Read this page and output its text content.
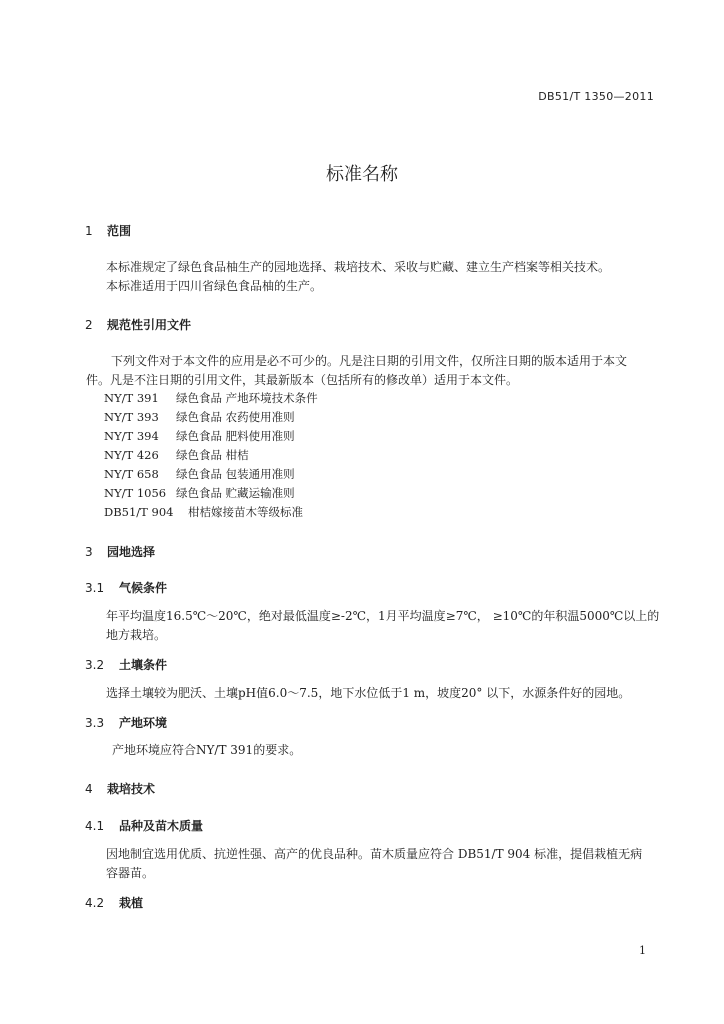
DB51/T 1350—2011
标准名称
1 范围
本标准规定了绿色食品柚生产的园地选择、栽培技术、采收与贮藏、建立生产档案等相关技术。
本标准适用于四川省绿色食品柚的生产。
2 规范性引用文件
下列文件对于本文件的应用是必不可少的。凡是注日期的引用文件，仅所注日期的版本适用于本文
件。凡是不注日期的引用文件，其最新版本（包括所有的修改单）适用于本文件。
NY/T 391 绿色食品 产地环境技术条件
NY/T 393 绿色食品 农药使用准则
NY/T 394 绿色食品 肥料使用准则
NY/T 426 绿色食品 柑桔
NY/T 658 绿色食品 包装通用准则
NY/T 1056 绿色食品 贮藏运输准则
DB51/T 904 柑桔嫁接苗木等级标准
3 园地选择
3.1 气候条件
年平均温度16.5℃～20℃，绝对最低温度≥-2℃，1月平均温度≥7℃， ≥10℃的年积温5000℃以上的
地方栽培。
3.2 土壤条件
选择土壤较为肥沃、土壤pH值6.0～7.5，地下水位低于1 m，坡度20° 以下，水源条件好的园地。
3.3 产地环境
产地环境应符合NY/T 391的要求。
4 栽培技术
4.1 品种及苗木质量
因地制宜选用优质、抗逆性强、高产的优良品种。苗木质量应符合 DB51/T 904 标准，提倡栽植无病
容器苗。
4.2 栽植
1
